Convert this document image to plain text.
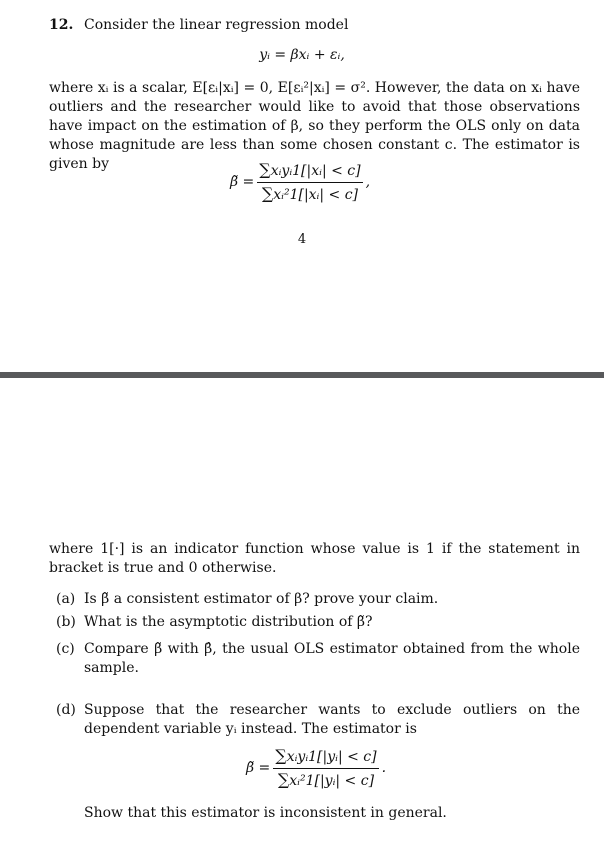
12. Consider the linear regression model
yᵢ = βxᵢ + εᵢ,
where xᵢ is a scalar, E[εᵢ|xᵢ] = 0, E[εᵢ²|xᵢ] = σ². However, the data on xᵢ have outliers and the researcher would like to avoid that those observations have impact on the estimation of β, so they perform the OLS only on data whose magnitude are less than some chosen constant c. The estimator is given by
β̃ = $\frac{\text{∑xᵢyᵢ1[|xᵢ| < c]}}{\text{∑xᵢ²1[|xᵢ| < c]}}$ ,
4
where 1[·] is an indicator function whose value is 1 if the statement in bracket is true and 0 otherwise.
(a) Is β̃ a consistent estimator of β? prove your claim.
(b) What is the asymptotic distribution of β̃?
(c) Compare β̃ with β̂, the usual OLS estimator obtained from the whole sample.
(d) Suppose that the researcher wants to exclude outliers on the dependent variable yᵢ instead. The estimator is
β̃ = $\frac{\text{∑xᵢyᵢ1[|yᵢ| < c]}}{\text{∑xᵢ²1[|yᵢ| < c]}}$ .
Show that this estimator is inconsistent in general.
